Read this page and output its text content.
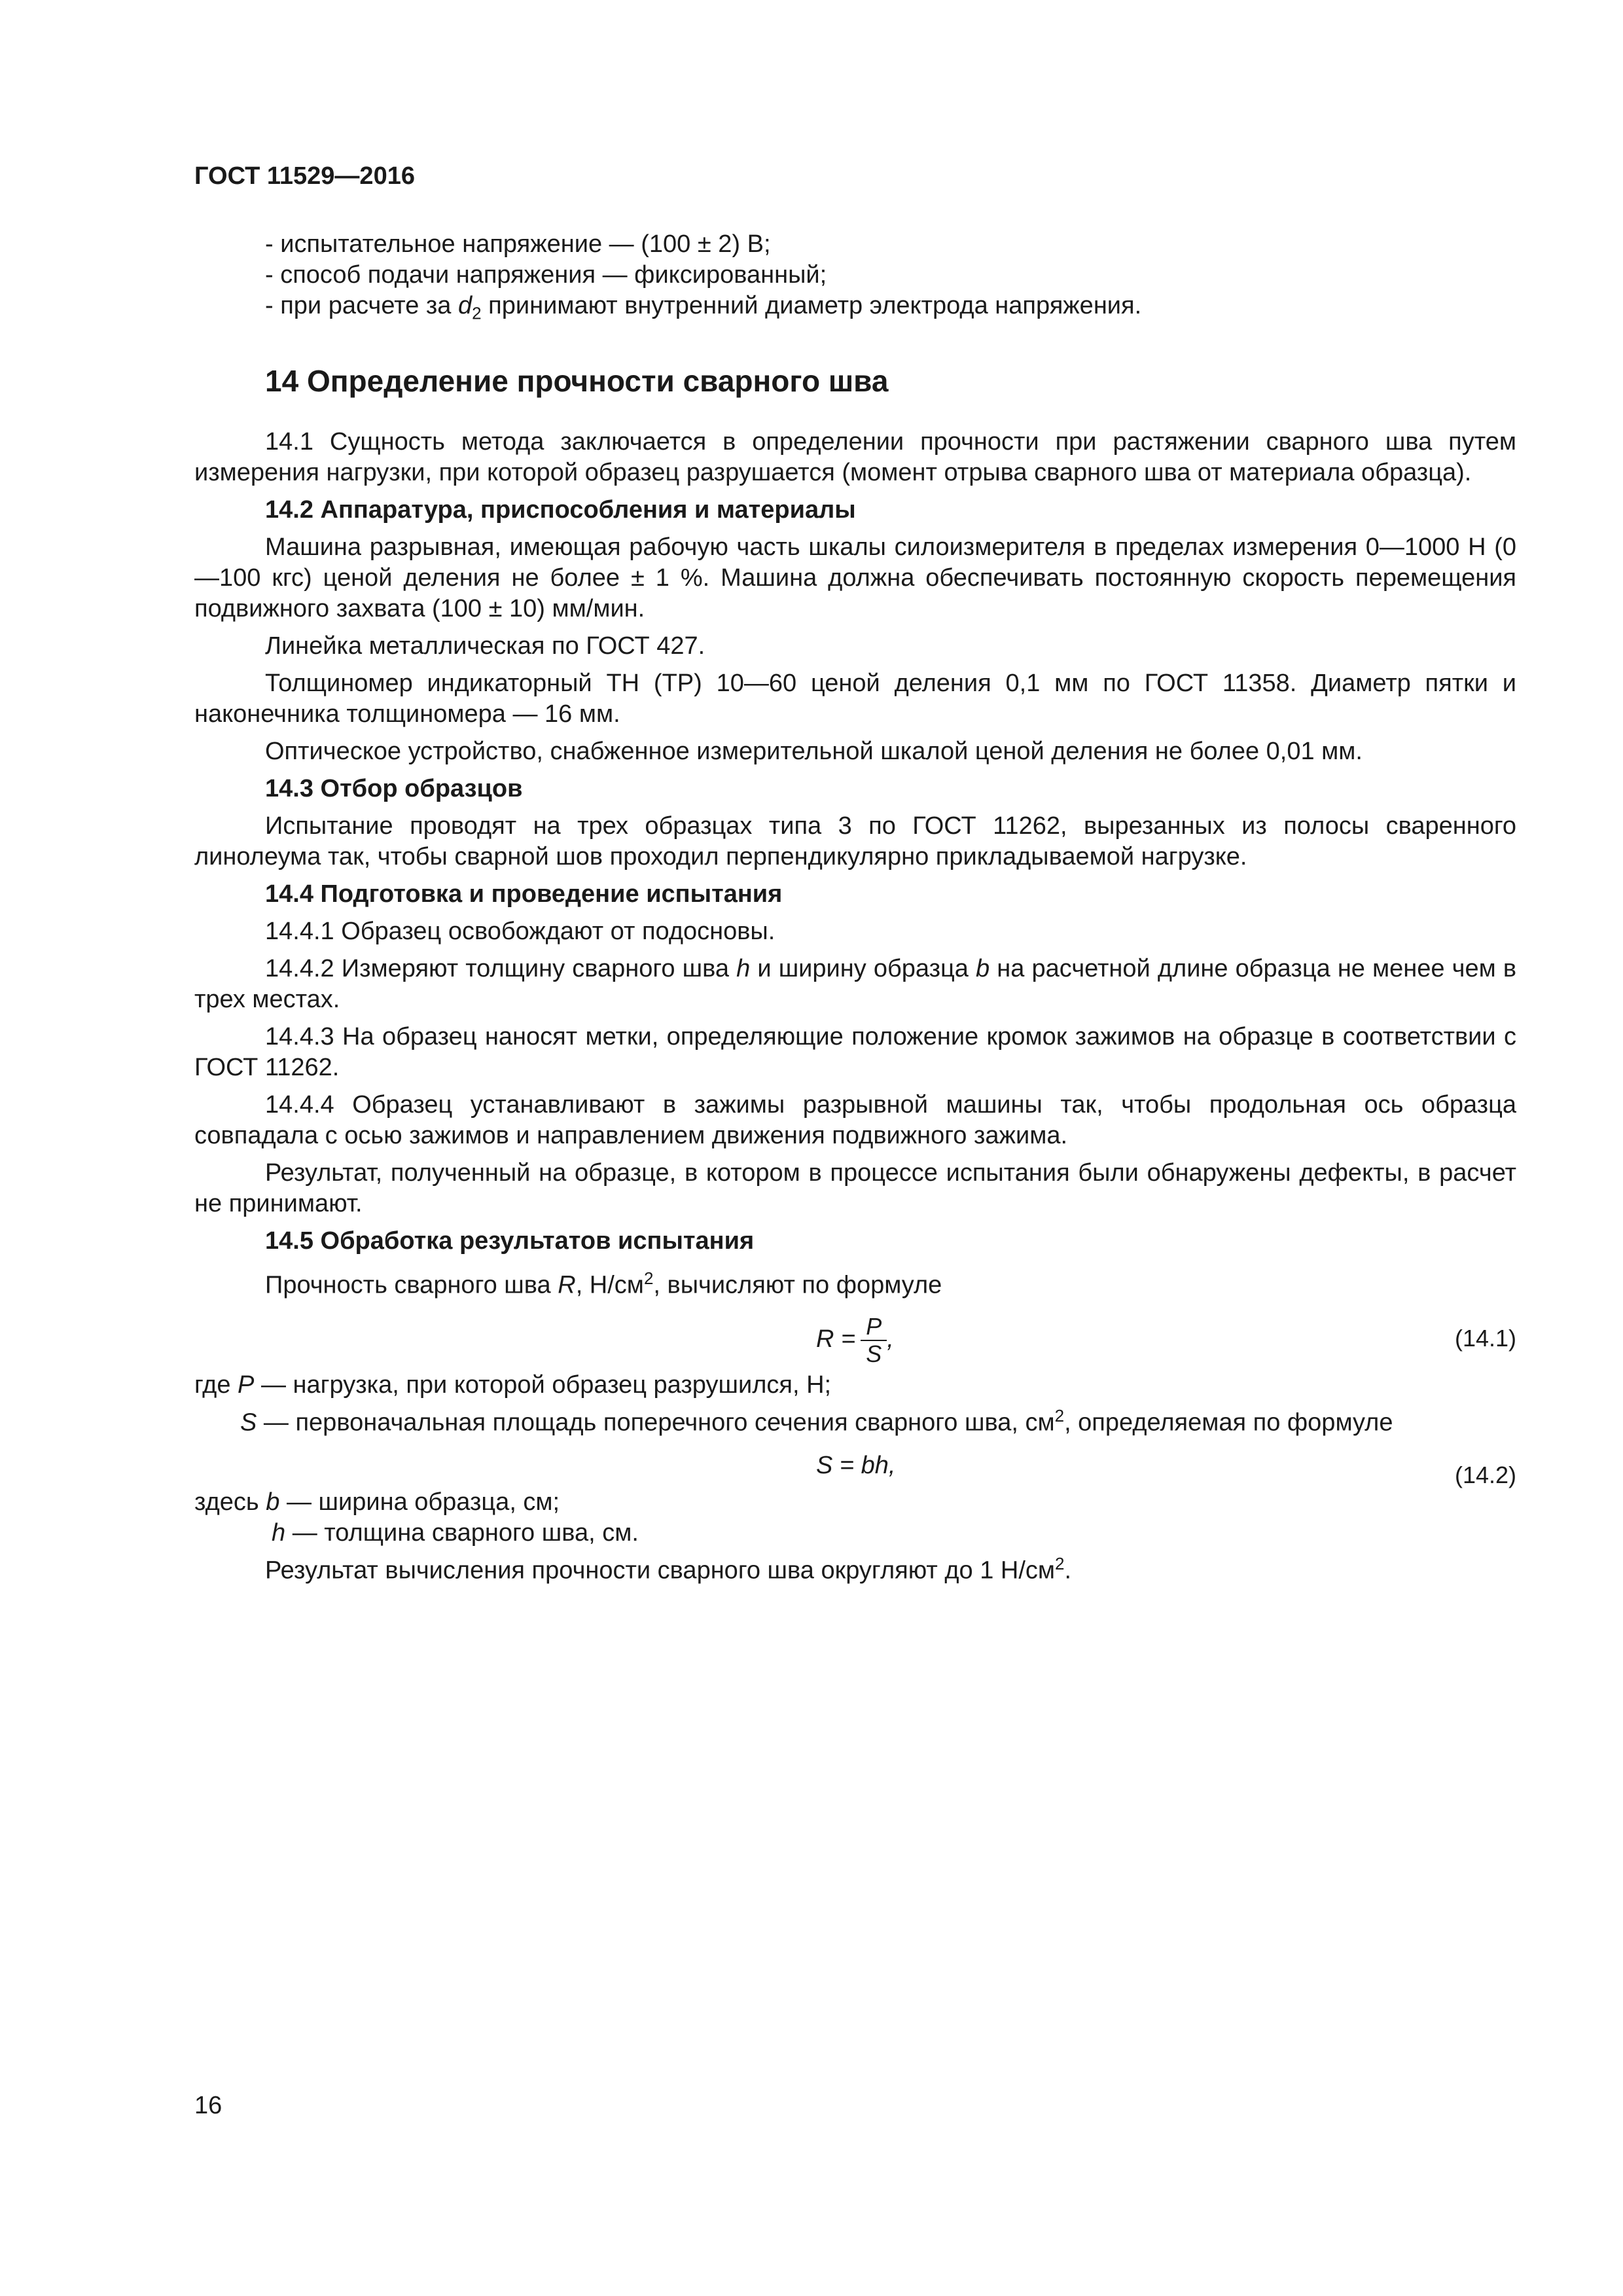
ГОСТ 11529—2016
- испытательное напряжение — (100 ± 2) В;
- способ подачи напряжения — фиксированный;
- при расчете за $d_2$ принимают внутренний диаметр электрода напряжения.
14 Определение прочности сварного шва

14.1 Сущность метода заключается в определении прочности при растяжении сварного шва путем измерения нагрузки, при которой образец разрушается (момент отрыва сварного шва от материала образца).

14.2 Аппаратура, приспособления и материалы

Машина разрывная, имеющая рабочую часть шкалы силоизмерителя в пределах измерения 0—1000 Н (0—100 кгс) ценой деления не более ± 1 %. Машина должна обеспечивать постоянную скорость перемещения подвижного захвата (100 ± 10) мм/мин.

Линейка металлическая по ГОСТ 427.

Толщиномер индикаторный ТН (ТР) 10—60 ценой деления 0,1 мм по ГОСТ 11358. Диаметр пятки и наконечника толщиномера — 16 мм.

Оптическое устройство, снабженное измерительной шкалой ценой деления не более 0,01 мм.

14.3 Отбор образцов

Испытание проводят на трех образцах типа 3 по ГОСТ 11262, вырезанных из полосы сваренного линолеума так, чтобы сварной шов проходил перпендикулярно прикладываемой нагрузке.

14.4 Подготовка и проведение испытания

14.4.1 Образец освобождают от подосновы.

14.4.2 Измеряют толщину сварного шва h и ширину образца b на расчетной длине образца не менее чем в трех местах.

14.4.3 На образец наносят метки, определяющие положение кромок зажимов на образце в соответствии с ГОСТ 11262.

14.4.4 Образец устанавливают в зажимы разрывной машины так, чтобы продольная ось образца совпадала с осью зажимов и направлением движения подвижного зажима.

Результат, полученный на образце, в котором в процессе испытания были обнаружены дефекты, в расчет не принимают.

14.5 Обработка результатов испытания

Прочность сварного шва R, $Н/см^2$, вычисляют по формуле

$R = \frac{P}{S}$ ,	(14.1)

где P — нагрузка, при которой образец разрушился, Н;

S — первоначальная площадь поперечного сечения сварного шва, $см^2$, определяемая по формуле

S = bh,	(14.2)

здесь b — ширина образца, см;

h — толщина сварного шва, см.

Результат вычисления прочности сварного шва округляют до 1 $Н/см^2$.

16
